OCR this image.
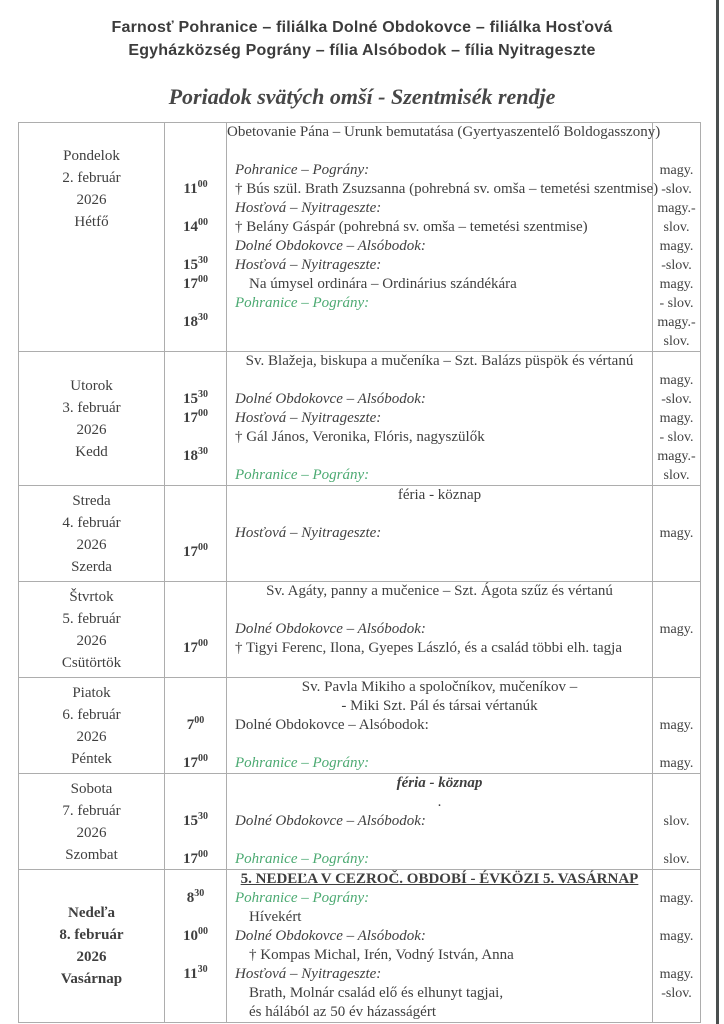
Farnosť Pohranice – filiálka Dolné Obdokovce – filiálka Hosťová
Egyházközség Pográny – fília Alsóbodok – fília Nyitrageszte
Poriadok svätých omší - Szentmisék rendje
Pondelok
2. február
2026
Hétfő
$11^{00}$
$14^{00}$
$15^{30}$
$17^{00}$
$18^{30}$
Obetovanie Pána – Urunk bemutatása (Gyertyaszentelő Boldogasszony)
Pohranice – Pográny:
† Bús szül. Brath Zsuzsanna (pohrebná sv. omša – temetési szentmise)
Hosťová – Nyitrageszte:
† Belány Gáspár (pohrebná sv. omša – temetési szentmise)
Dolné Obdokovce – Alsóbodok:
Hosťová – Nyitrageszte:
Na úmysel ordinára – Ordinárius szándékára
Pohranice – Pográny:
magy.
-slov.
magy.-
slov.
magy.
-slov.
magy.
- slov.
magy.-
slov.
Utorok
3. február
2026
Kedd
$15^{30}$
$17^{00}$
$18^{30}$
Sv. Blažeja, biskupa a mučeníka – Szt. Balázs püspök és vértanú
Dolné Obdokovce – Alsóbodok:
Hosťová – Nyitrageszte:
† Gál János, Veronika, Flóris, nagyszülők
Pohranice – Pográny:
magy.
-slov.
magy.
- slov.
magy.-
slov.
Streda
4. február
2026
Szerda
$17^{00}$
féria - köznap
Hosťová – Nyitrageszte:	magy.
Štvrtok
5. február
2026
Csütörtök
$17^{00}$
Sv. Agáty, panny a mučenice – Szt. Ágota szűz és vértanú
Dolné Obdokovce – Alsóbodok:
† Tigyi Ferenc, Ilona, Gyepes László, és a család többi elh. tagja
magy.
Piatok
6. február
2026
Péntek
$7^{00}$
$17^{00}$
Sv. Pavla Mikiho a spoločníkov, mučeníkov –
- Miki Szt. Pál és társai vértanúk
Dolné Obdokovce – Alsóbodok:
Pohranice – Pográny:
magy.
magy.
Sobota
7. február
2026
Szombat
$15^{30}$
$17^{00}$
féria - köznap
.
Dolné Obdokovce – Alsóbodok:
Pohranice – Pográny:
slov.
slov.
Nedeľa
8. február
2026
Vasárnap
$8^{30}$
$10^{00}$
$11^{30}$
5. NEDEĽA V CEZROČ. OBDOBÍ - ÉVKÖZI 5. VASÁRNAP
Pohranice – Pográny:
Hívekért
Dolné Obdokovce – Alsóbodok:
† Kompas Michal, Irén, Vodný István, Anna
Hosťová – Nyitrageszte:
Brath, Molnár család elő és elhunyt tagjai,
és hálából az 50 év házasságért
magy.
magy.
magy.
-slov.
